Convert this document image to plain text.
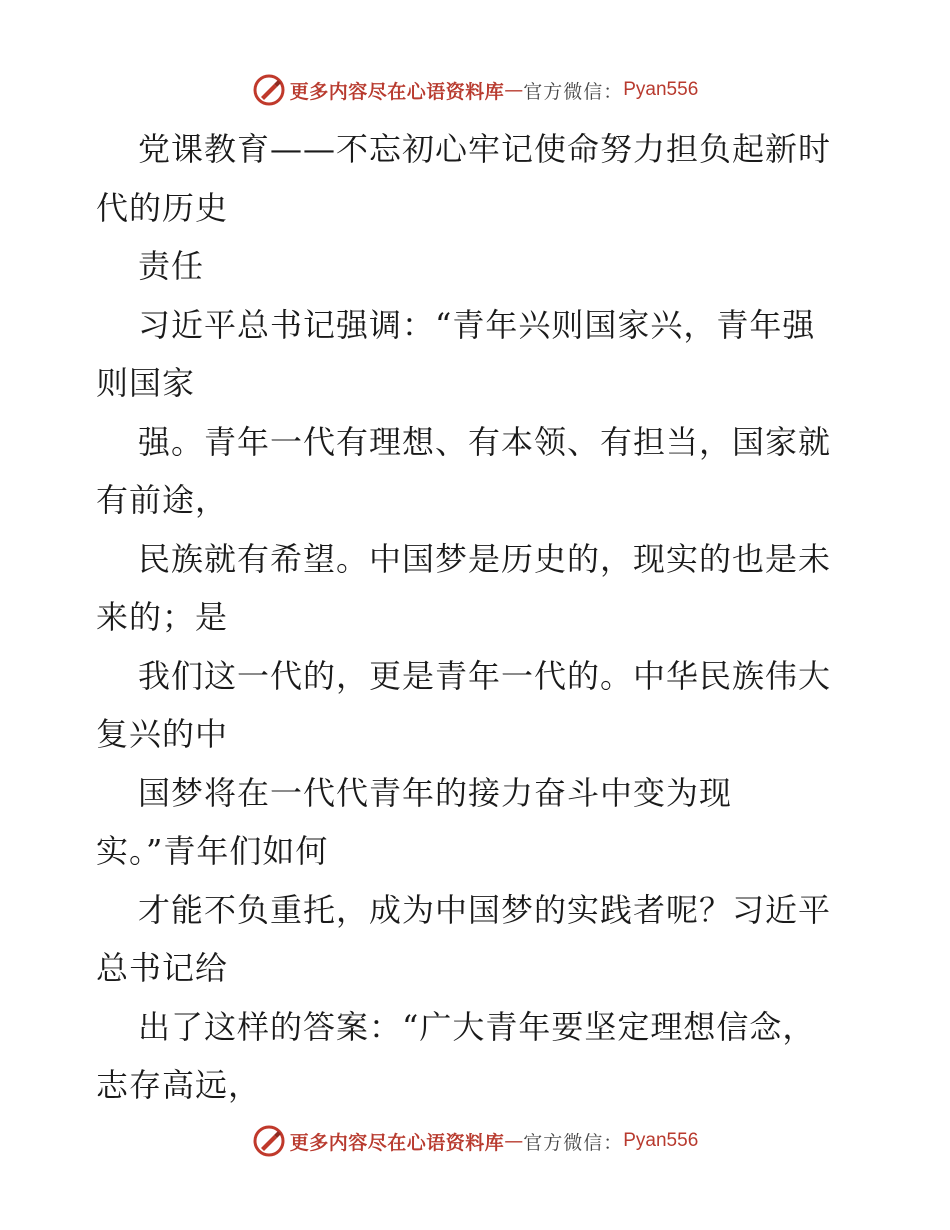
更多内容尽在心语资料库 — 官方微信： Pyan556
党课教育——不忘初心牢记使命努力担负起新时
代的历史
责任
习近平总书记强调：“青年兴则国家兴，青年强
则国家
强。青年一代有理想、有本领、有担当，国家就
有前途，
民族就有希望。中国梦是历史的，现实的也是未
来的；是
我们这一代的，更是青年一代的。中华民族伟大
复兴的中
国梦将在一代代青年的接力奋斗中变为现
实。”青年们如何
才能不负重托，成为中国梦的实践者呢？习近平
总书记给
出了这样的答案：“广大青年要坚定理想信念，
志存高远，
更多内容尽在心语资料库 — 官方微信： Pyan556
